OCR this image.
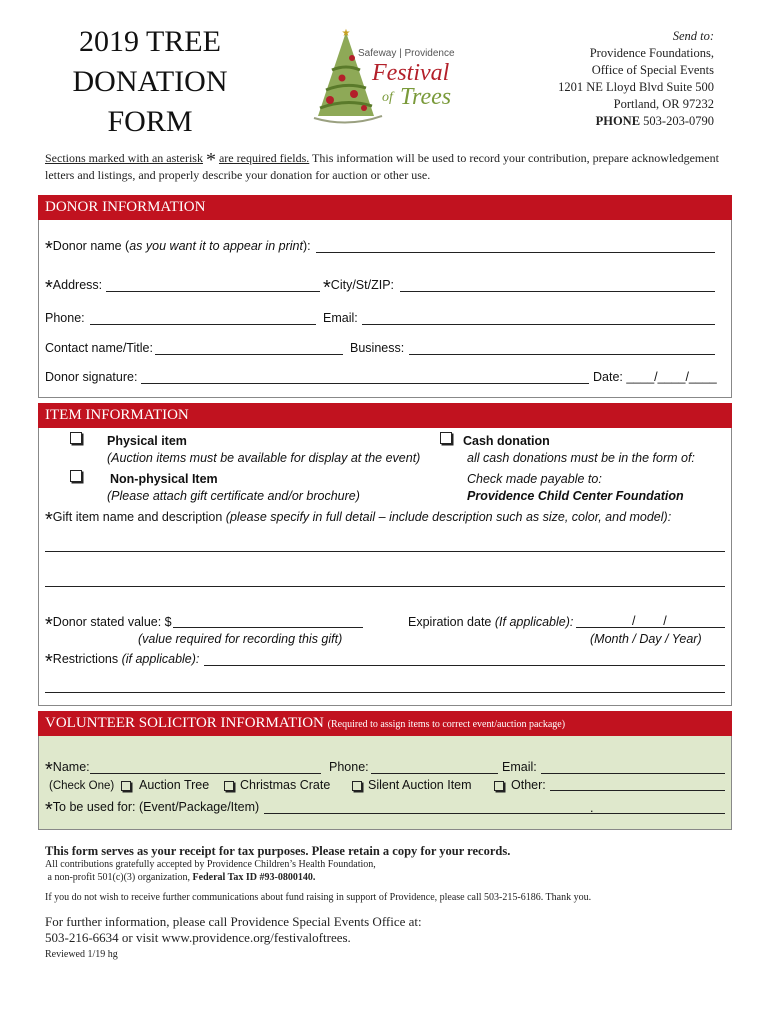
2019 TREE
DONATION
FORM
★
Safeway | Providence
Festival
of Trees
Send to:
Providence Foundations,
Office of Special Events
1201 NE Lloyd Blvd Suite 500
Portland, OR 97232
PHONE 503-203-0790
Sections marked with an asterisk * are required fields. This information will be used to record your contribution, prepare acknowledgement letters and listings, and properly describe your donation for auction or other use.
DONOR INFORMATION
*Donor name (as you want it to appear in print):
*Address:	*City/St/ZIP:
Phone:	Email:
Contact name/Title:	Business:
Donor signature:	Date: ____/____/____
ITEM INFORMATION
Physical item
(Auction items must be available for display at the event)
Non-physical Item
(Please attach gift certificate and/or brochure)
Cash donation
all cash donations must be in the form of:
Check made payable to:
Providence Child Center Foundation
*Gift item name and description (please specify in full detail – include description such as size, color, and model):
*Donor stated value: $
(value required for recording this gift)
Expiration date (If applicable):	/        /
(Month / Day / Year)
*Restrictions (if applicable):
VOLUNTEER SOLICITOR INFORMATION (Required to assign items to correct event/auction package)
*Name:	Phone:	Email:
(Check One) Auction Tree Christmas Crate	Silent Auction Item	Other:
*To be used for: (Event/Package/Item)	.
This form serves as your receipt for tax purposes. Please retain a copy for your records.
All contributions gratefully accepted by Providence Children’s Health Foundation,
a non-profit 501(c)(3) organization, Federal Tax ID #93-0800140.
If you do not wish to receive further communications about fund raising in support of Providence, please call 503-215-6186. Thank you.
For further information, please call Providence Special Events Office at:
503-216-6634 or visit www.providence.org/festivaloftrees.
Reviewed 1/19 hg
